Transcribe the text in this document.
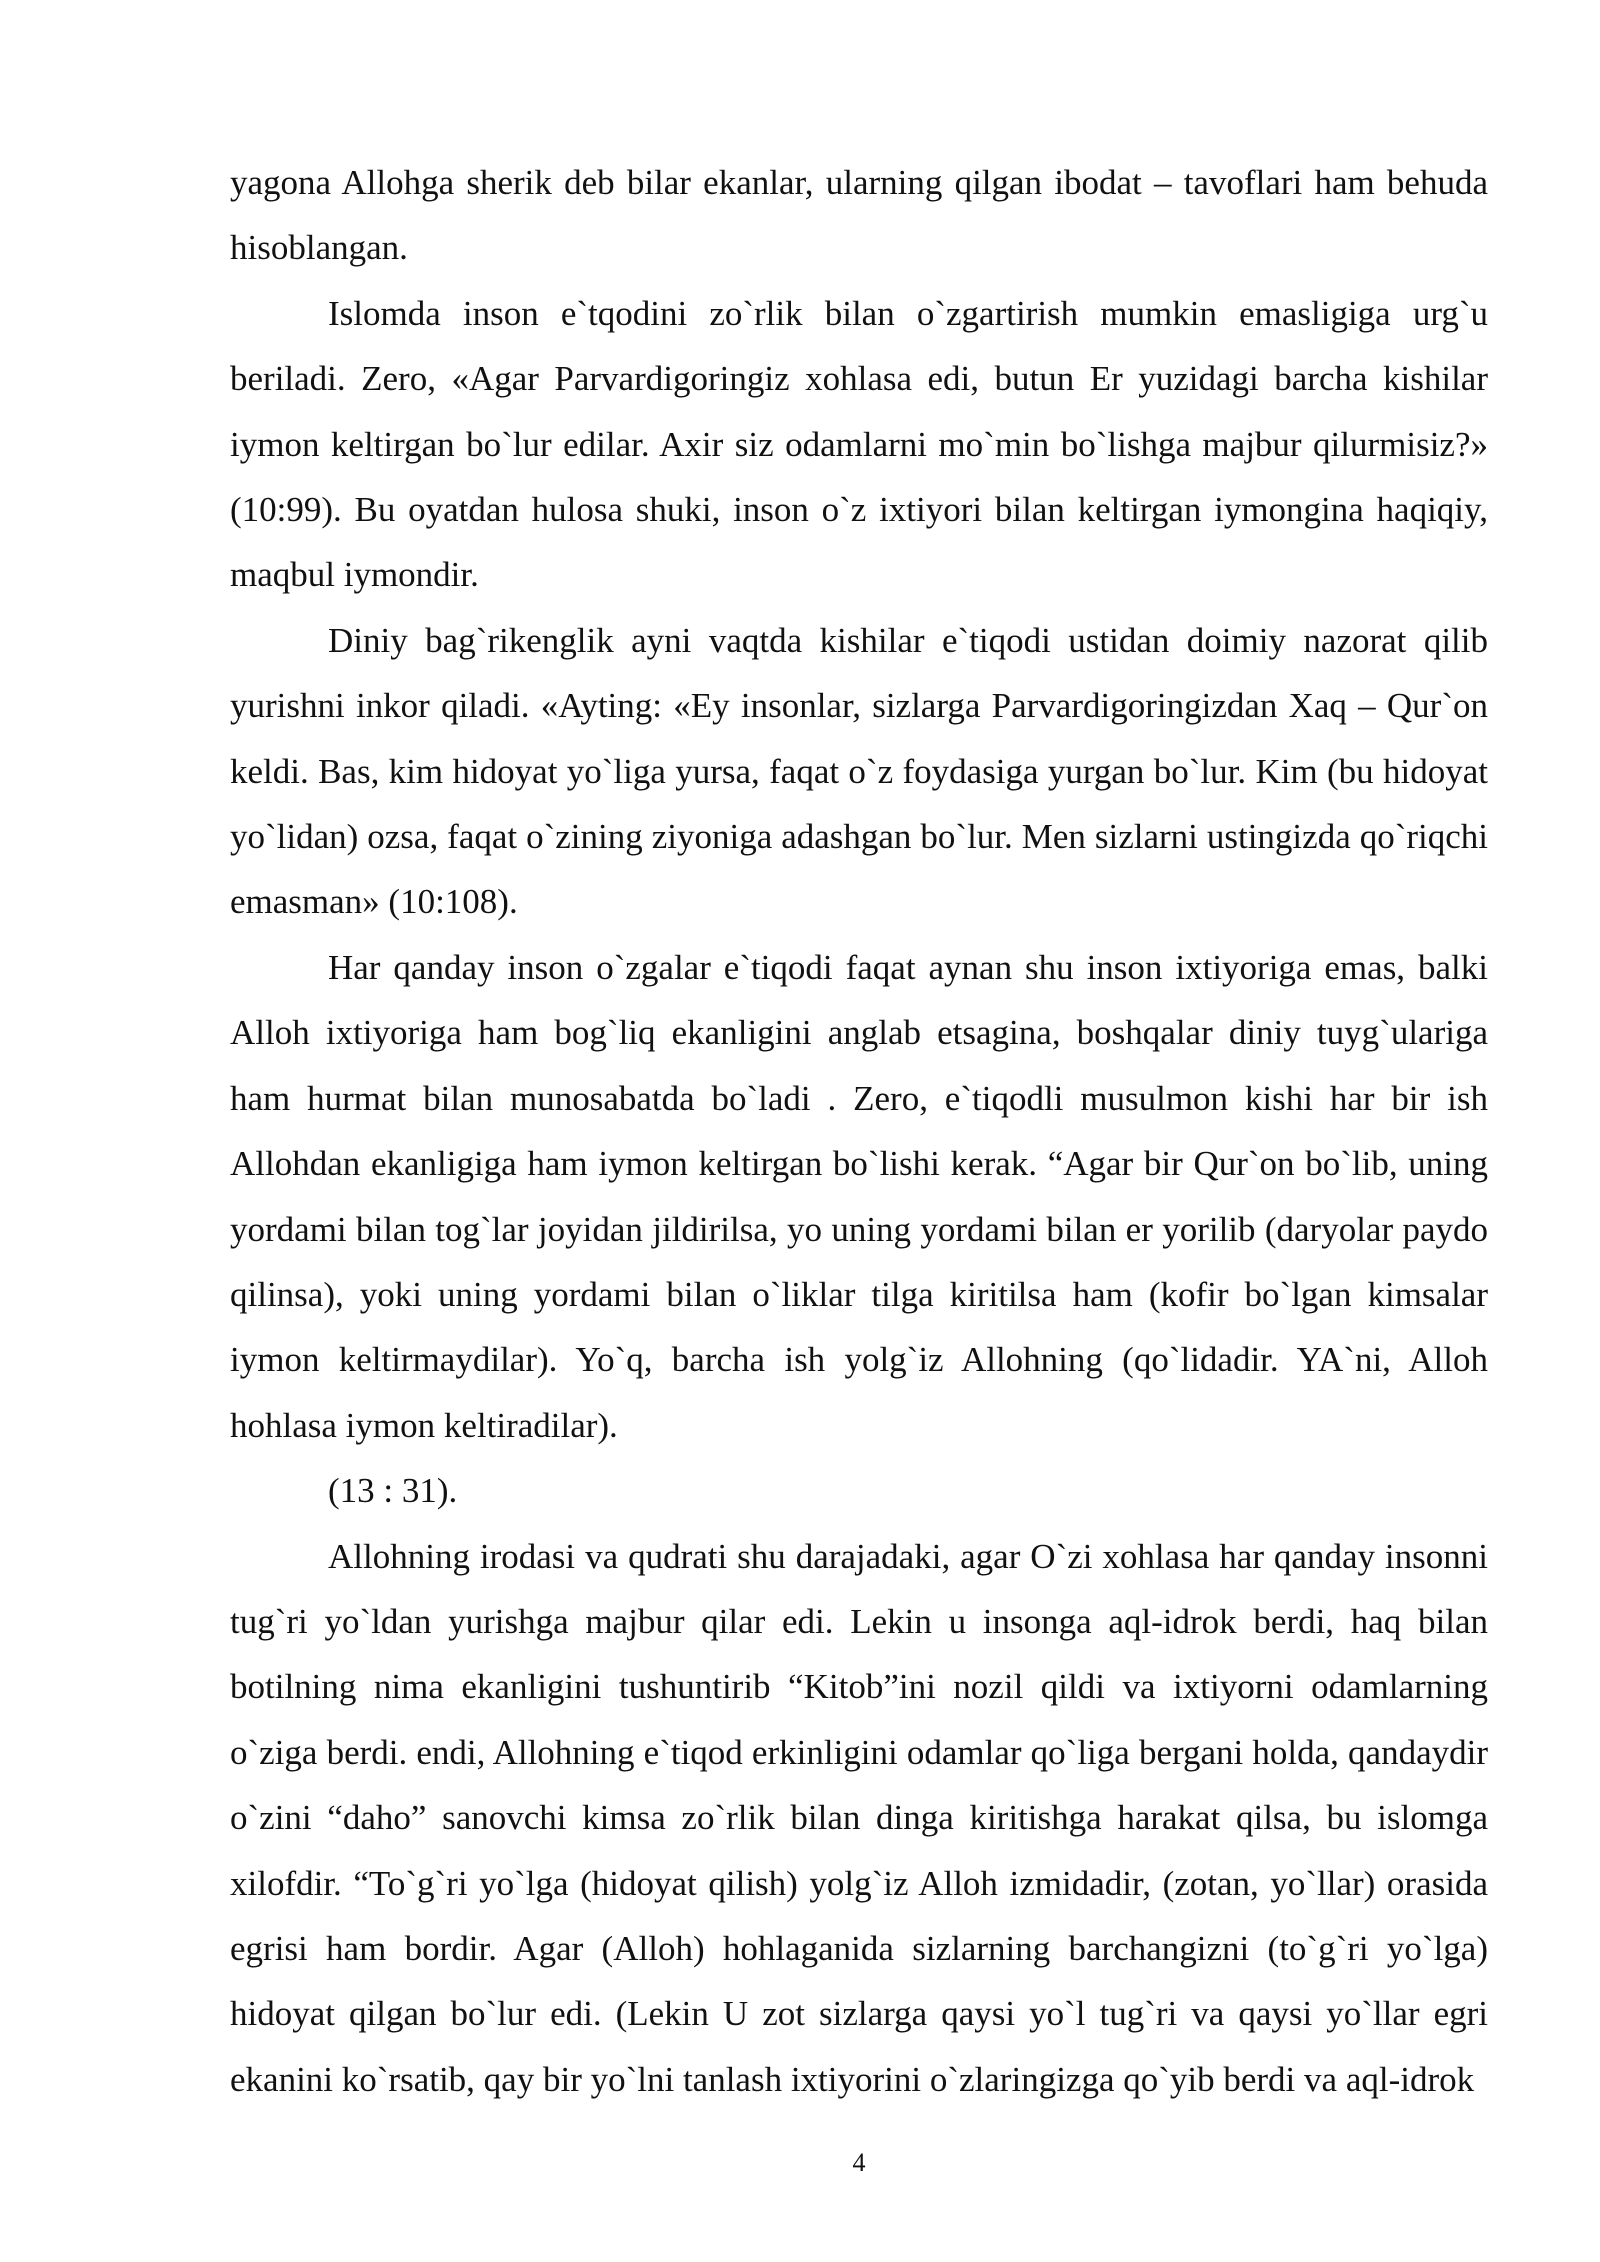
yagona Allohga sherik deb bilar ekanlar, ularning qilgan ibodat – tavoflari ham behuda hisoblangan.

Islomda inson e`tqodini zo`rlik bilan o`zgartirish mumkin emasligiga urg`u beriladi. Zero, «Agar Parvardigoringiz xohlasa edi, butun Er yuzidagi barcha kishilar iymon keltirgan bo`lur edilar. Axir siz odamlarni mo`min bo`lishga majbur qilurmisiz?» (10:99). Bu oyatdan hulosa shuki, inson o`z ixtiyori bilan keltirgan iymongina haqiqiy, maqbul iymondir.

Diniy bag`rikenglik ayni vaqtda kishilar e`tiqodi ustidan doimiy nazorat qilib yurishni inkor qiladi. «Ayting: «Ey insonlar, sizlarga Parvardigoringizdan Xaq – Qur`on keldi. Bas, kim hidoyat yo`liga yursa, faqat o`z foydasiga yurgan bo`lur. Kim (bu hidoyat yo`lidan) ozsa, faqat o`zining ziyoniga adashgan bo`lur. Men sizlarni ustingizda qo`riqchi emasman» (10:108).

Har qanday inson o`zgalar e`tiqodi faqat aynan shu inson ixtiyoriga emas, balki Alloh ixtiyoriga ham bog`liq ekanligini anglab etsagina, boshqalar diniy tuyg`ulariga ham hurmat bilan munosabatda bo`ladi . Zero, e`tiqodli musulmon kishi har bir ish Allohdan ekanligiga ham iymon keltirgan bo`lishi kerak. “Agar bir Qur`on bo`lib, uning yordami bilan tog`lar joyidan jildirilsa, yo uning yordami bilan er yorilib (daryolar paydo qilinsa), yoki uning yordami bilan o`liklar tilga kiritilsa ham (kofir bo`lgan kimsalar iymon keltirmaydilar). Yo`q, barcha ish yolg`iz Allohning (qo`lidadir. YA`ni, Alloh hohlasa iymon keltiradilar).

(13 : 31).

Allohning irodasi va qudrati shu darajadaki, agar O`zi xohlasa har qanday insonni tug`ri yo`ldan yurishga majbur qilar edi. Lekin u insonga aql-idrok berdi, haq bilan botilning nima ekanligini tushuntirib “Kitob”ini nozil qildi va ixtiyorni odamlarning o`ziga berdi. endi, Allohning e`tiqod erkinligini odamlar qo`liga bergani holda, qandaydir o`zini “daho” sanovchi kimsa zo`rlik bilan dinga kiritishga harakat qilsa, bu islomga xilofdir. “To`g`ri yo`lga (hidoyat qilish) yolg`iz Alloh izmidadir, (zotan, yo`llar) orasida egrisi ham bordir. Agar (Alloh) hohlaganida sizlarning barchangizni (to`g`ri yo`lga) hidoyat qilgan bo`lur edi. (Lekin U zot sizlarga qaysi yo`l tug`ri va qaysi yo`llar egri ekanini ko`rsatib, qay bir yo`lni tanlash ixtiyorini o`zlaringizga qo`yib berdi va aql-idrok

4
